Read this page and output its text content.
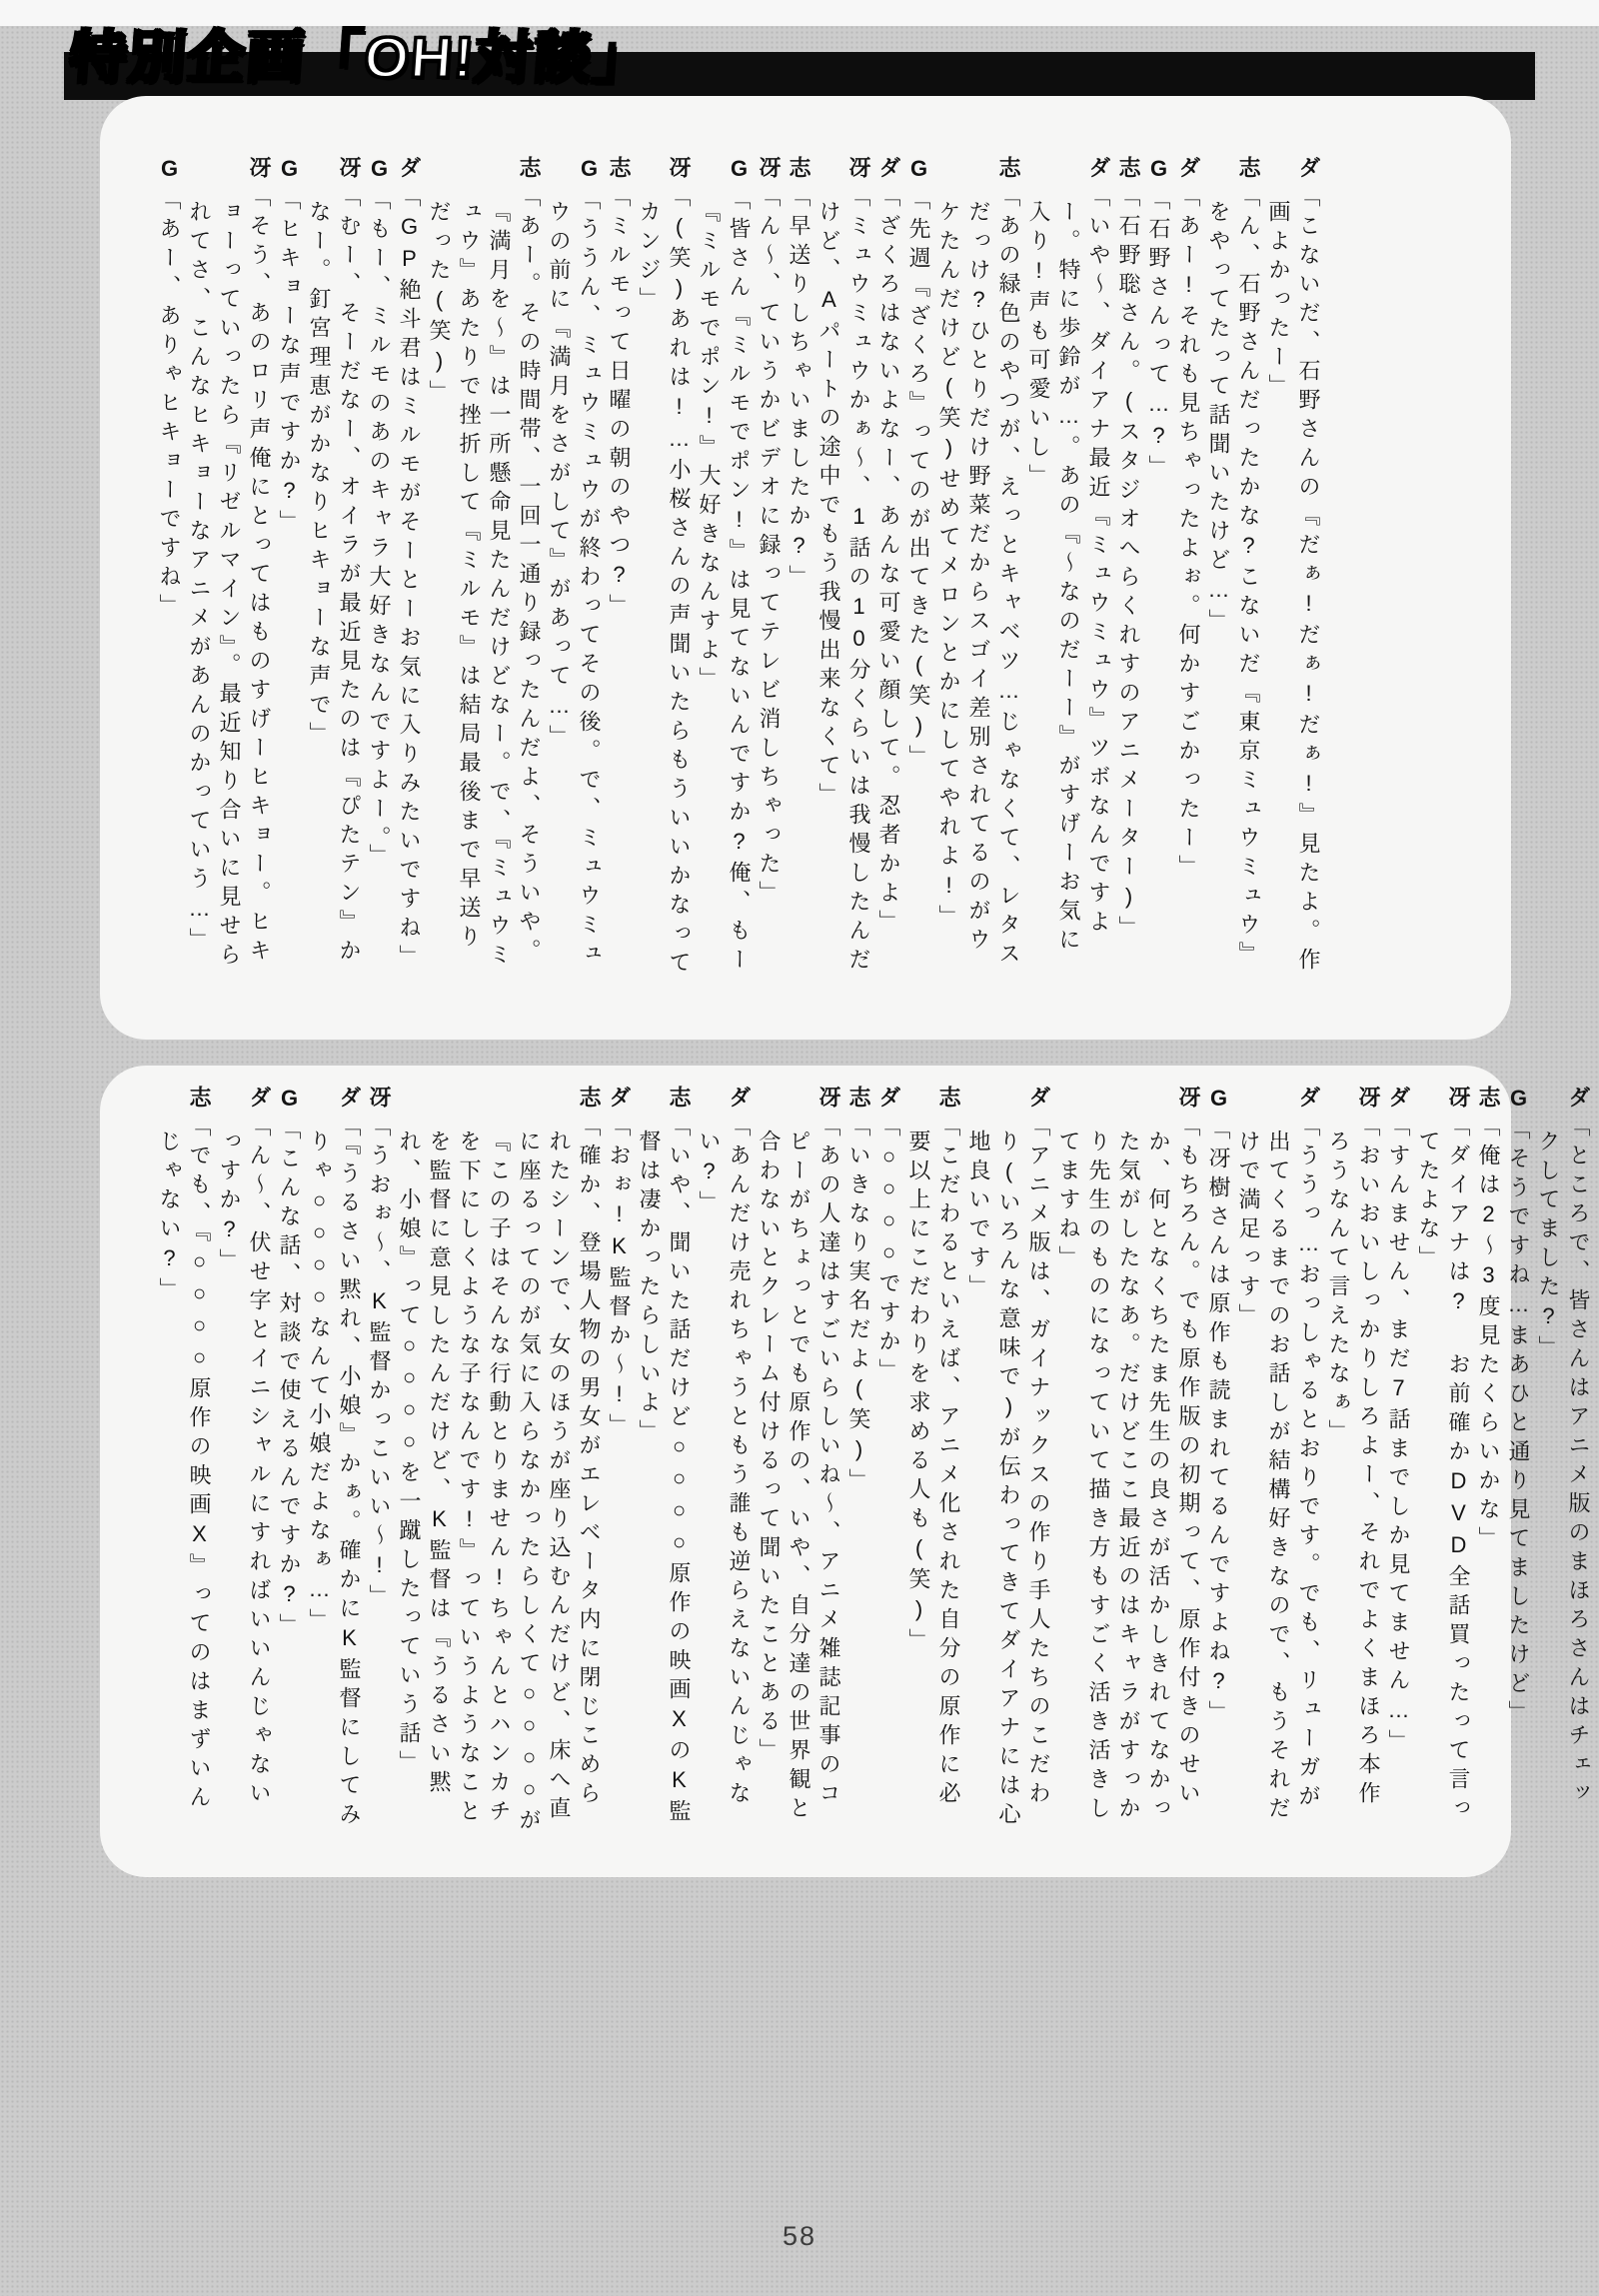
特別企画「OH!対談」

ダ「こないだ、石野さんの『だぁ!だぁ!だぁ!』見たよ。作画よかったー」

志「ん、石野さんだったかな?こないだ『東京ミュウミュウ』をやってたって話聞いたけど…」

ダ「あー!それも見ちゃったよぉ。何かすごかったー」

G「石野さんって…?」

志「石野聡さん。(スタジオへらくれすのアニメーター)」

ダ「いや〜、ダイアナ最近『ミュウミュウ』ツボなんですよー。特に歩鈴が…。あの『〜なのだーー』がすげーお気に入り!声も可愛いし」

志「あの緑色のやつが、えっとキャベツ…じゃなくて、レタスだっけ?ひとりだけ野菜だからスゴイ差別されてるのがウケたんだけど(笑)せめてメロンとかにしてやれよ!」

G「先週『ざくろ』ってのが出てきた(笑)」

ダ「ざくろはないよなー、あんな可愛い顔して。忍者かよ」

冴「ミュウミュウかぁ〜、1話の10分くらいは我慢したんだけど、Aパートの途中でもう我慢出来なくて」

志「早送りしちゃいましたか?」

冴「ん〜、ていうかビデオに録ってテレビ消しちゃった」

G「皆さん『ミルモでポン!』は見てないんですか?俺、もー『ミルモでポン!』大好きなんすよ」

冴「(笑)あれは!…小桜さんの声聞いたらもういいかなってカンジ」

志「ミルモって日曜の朝のやつ?」

G「ううん、ミュウミュウが終わってその後。で、ミュウミュウの前に『満月をさがして』があって…」

志「あー。その時間帯、一回一通り録ったんだよ、そういや。『満月を〜』は一所懸命見たんだけどなー。で、『ミュウミュウ』あたりで挫折して『ミルモ』は結局最後まで早送りだった(笑)」

ダ「GP絶斗君はミルモがそーとーお気に入りみたいですね」

G「もー、ミルモのあのキャラ大好きなんですよー。」

冴「むー、そーだなー、オイラが最近見たのは『ぴたテン』かなー。釘宮理恵がかなりヒキョーな声で」

G「ヒキョーな声ですか?」

冴「そう、あのロリ声俺にとってはものすげーヒキョー。ヒキョーっていったら『リゼルマイン』。最近知り合いに見せられてさ、こんなヒキョーなアニメがあんのかっていう…」

G「あー、ありゃヒキョーですね」

ダ「ところで、皆さんはアニメ版のまほろさんはチェックしてました?」

G「そうですね…まあひと通り見てましたけど」

志「俺は2〜3度見たくらいかな」

冴「ダイアナは? お前確かDVD全話買ったって言ってたよな」

ダ「すんません、まだ7話までしか見てません…」

冴「おいおいしっかりしろよー、それでよくまほろ本作ろうなんて言えたなぁ」

ダ「ううっ…おっしゃるとおりです。でも、リューガが出てくるまでのお話しが結構好きなので、もうそれだけで満足っす」

G「冴樹さんは原作も読まれてるんですよね?」

冴「もちろん。でも原作版の初期って、原作付きのせいか、何となくちたま先生の良さが活かしきれてなかった気がしたなあ。だけどここ最近のはキャラがすっかり先生のものになっていて描き方もすごく活き活きしてますね」

ダ「アニメ版は、ガイナックスの作り手人たちのこだわり(いろんな意味で)が伝わってきてダイアナには心地良いです」

志「こだわるといえば、アニメ化された自分の原作に必要以上にこだわりを求める人も(笑)」

ダ「○○○○ですか」

志「いきなり実名だよ(笑)」

冴「あの人達はすごいらしいね〜、アニメ雑誌記事のコピーがちょっとでも原作の、いや、自分達の世界観と合わないとクレーム付けるって聞いたことある」

ダ「あんだけ売れちゃうともう誰も逆らえないんじゃない?」

志「いや、聞いた話だけど○○○○原作の映画XのK監督は凄かったらしいよ」

ダ「おぉ!K監督か〜!」

志「確か、登場人物の男女がエレベータ内に閉じこめられたシーンで、女のほうが座り込むんだけど、床へ直に座るってのが気に入らなかったらしくて○○○○が『この子はそんな行動とりません!ちゃんとハンカチを下にしくような子なんです!』っていうようなことを監督に意見したんだけど、K監督は『うるさい黙れ、小娘』って○○○○を一蹴したっていう話」

冴「うおぉ〜、K監督かっこいい〜!」

ダ「『うるさい黙れ、小娘』かぁ。確かにK監督にしてみりゃ○○○○なんて小娘だよなぁ…」

G「こんな話、対談で使えるんですか?」

ダ「ん〜、伏せ字とイニシャルにすればいいんじゃないっすか?」

志「でも、『○○○○原作の映画X』ってのはまずいんじゃない?」

58
